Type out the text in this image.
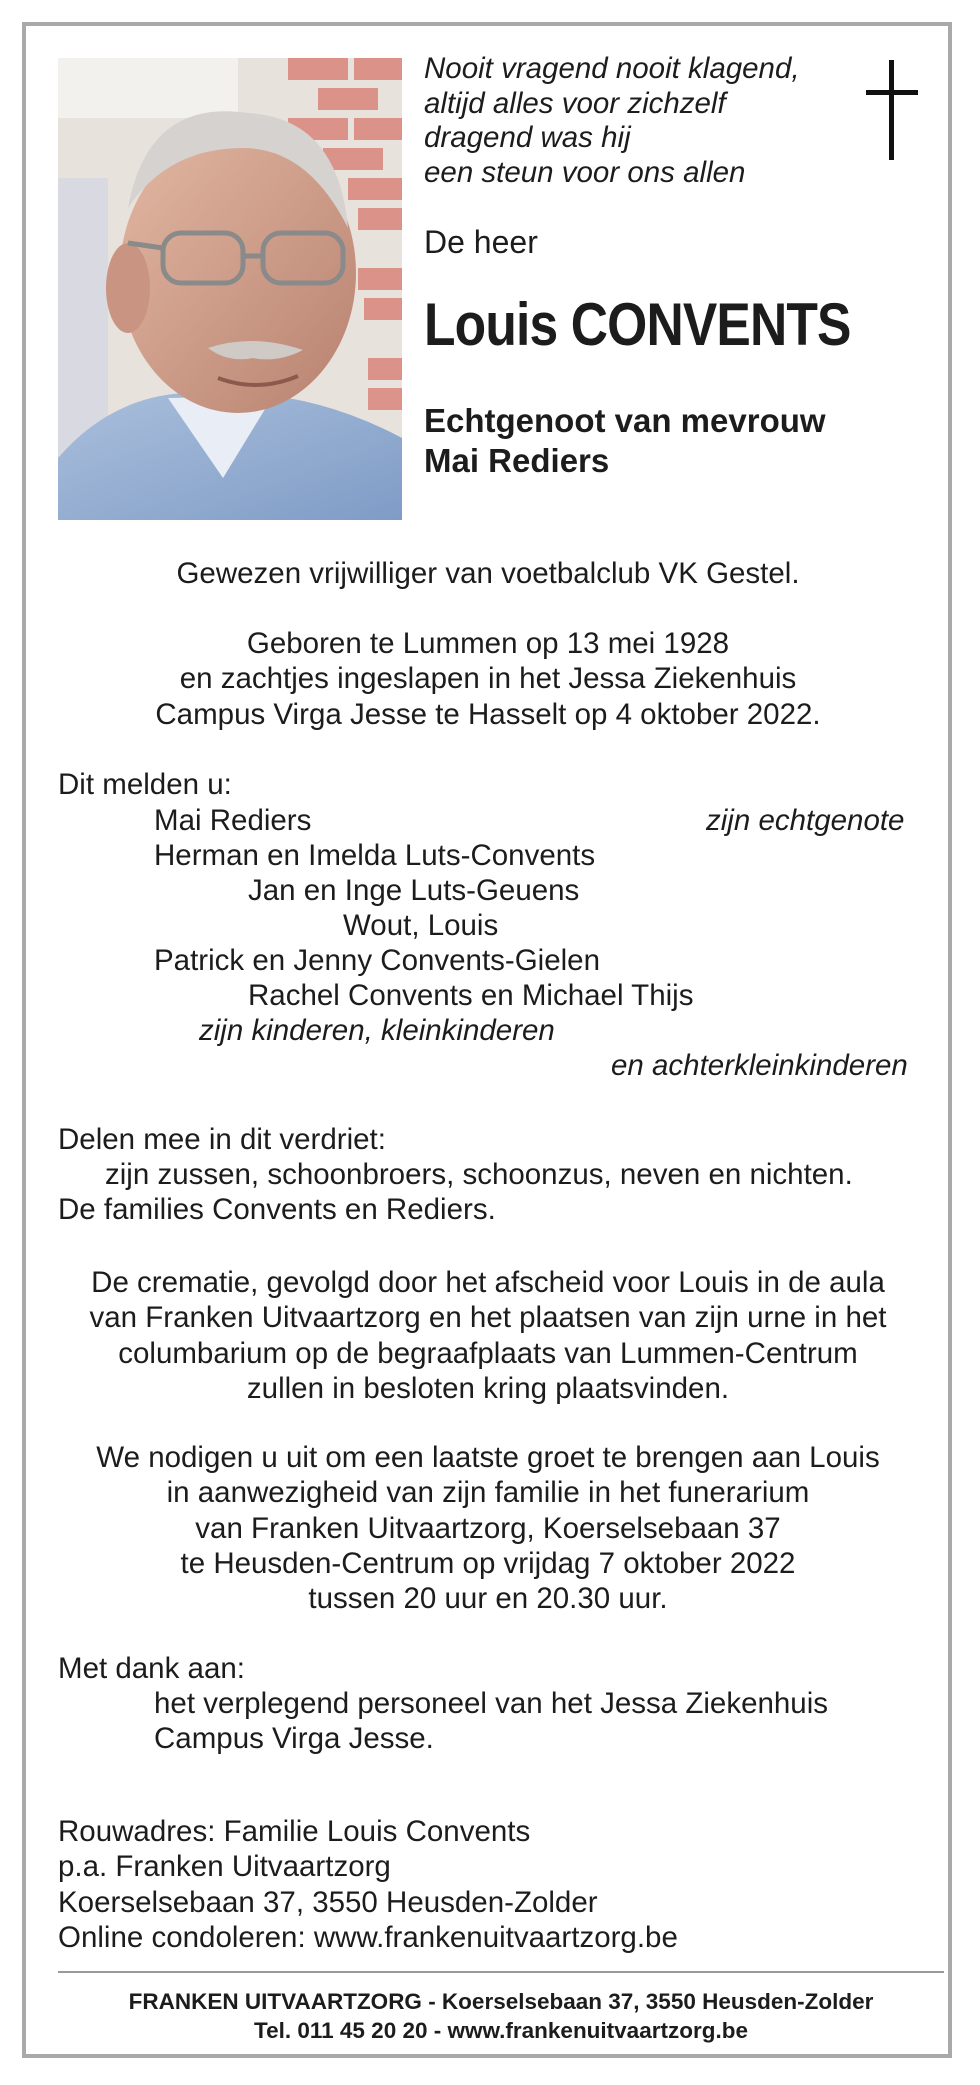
Nooit vragend nooit klagend,
altijd alles voor zichzelf
dragend was hij
een steun voor ons allen
De heer
Louis CONVENTS
Echtgenoot van mevrouw
Mai Rediers
Gewezen vrijwilliger van voetbalclub VK Gestel.
Geboren te Lummen op 13 mei 1928
en zachtjes ingeslapen in het Jessa Ziekenhuis
Campus Virga Jesse te Hasselt op 4 oktober 2022.
Dit melden u:
Mai Rediers	zijn echtgenote
Herman en Imelda Luts-Convents
Jan en Inge Luts-Geuens
Wout, Louis
Patrick en Jenny Convents-Gielen
Rachel Convents en Michael Thijs
zijn kinderen, kleinkinderen
en achterkleinkinderen
Delen mee in dit verdriet:
zijn zussen, schoonbroers, schoonzus, neven en nichten.
De families Convents en Rediers.
De crematie, gevolgd door het afscheid voor Louis in de aula
van Franken Uitvaartzorg en het plaatsen van zijn urne in het
columbarium op de begraafplaats van Lummen-Centrum
zullen in besloten kring plaatsvinden.
We nodigen u uit om een laatste groet te brengen aan Louis
in aanwezigheid van zijn familie in het funerarium
van Franken Uitvaartzorg, Koerselsebaan 37
te Heusden-Centrum op vrijdag 7 oktober 2022
tussen 20 uur en 20.30 uur.
Met dank aan:
het verplegend personeel van het Jessa Ziekenhuis
Campus Virga Jesse.
Rouwadres: Familie Louis Convents
p.a. Franken Uitvaartzorg
Koerselsebaan 37, 3550 Heusden-Zolder
Online condoleren: www.frankenuitvaartzorg.be
FRANKEN UITVAARTZORG - Koerselsebaan 37, 3550 Heusden-Zolder
Tel. 011 45 20 20 - www.frankenuitvaartzorg.be
